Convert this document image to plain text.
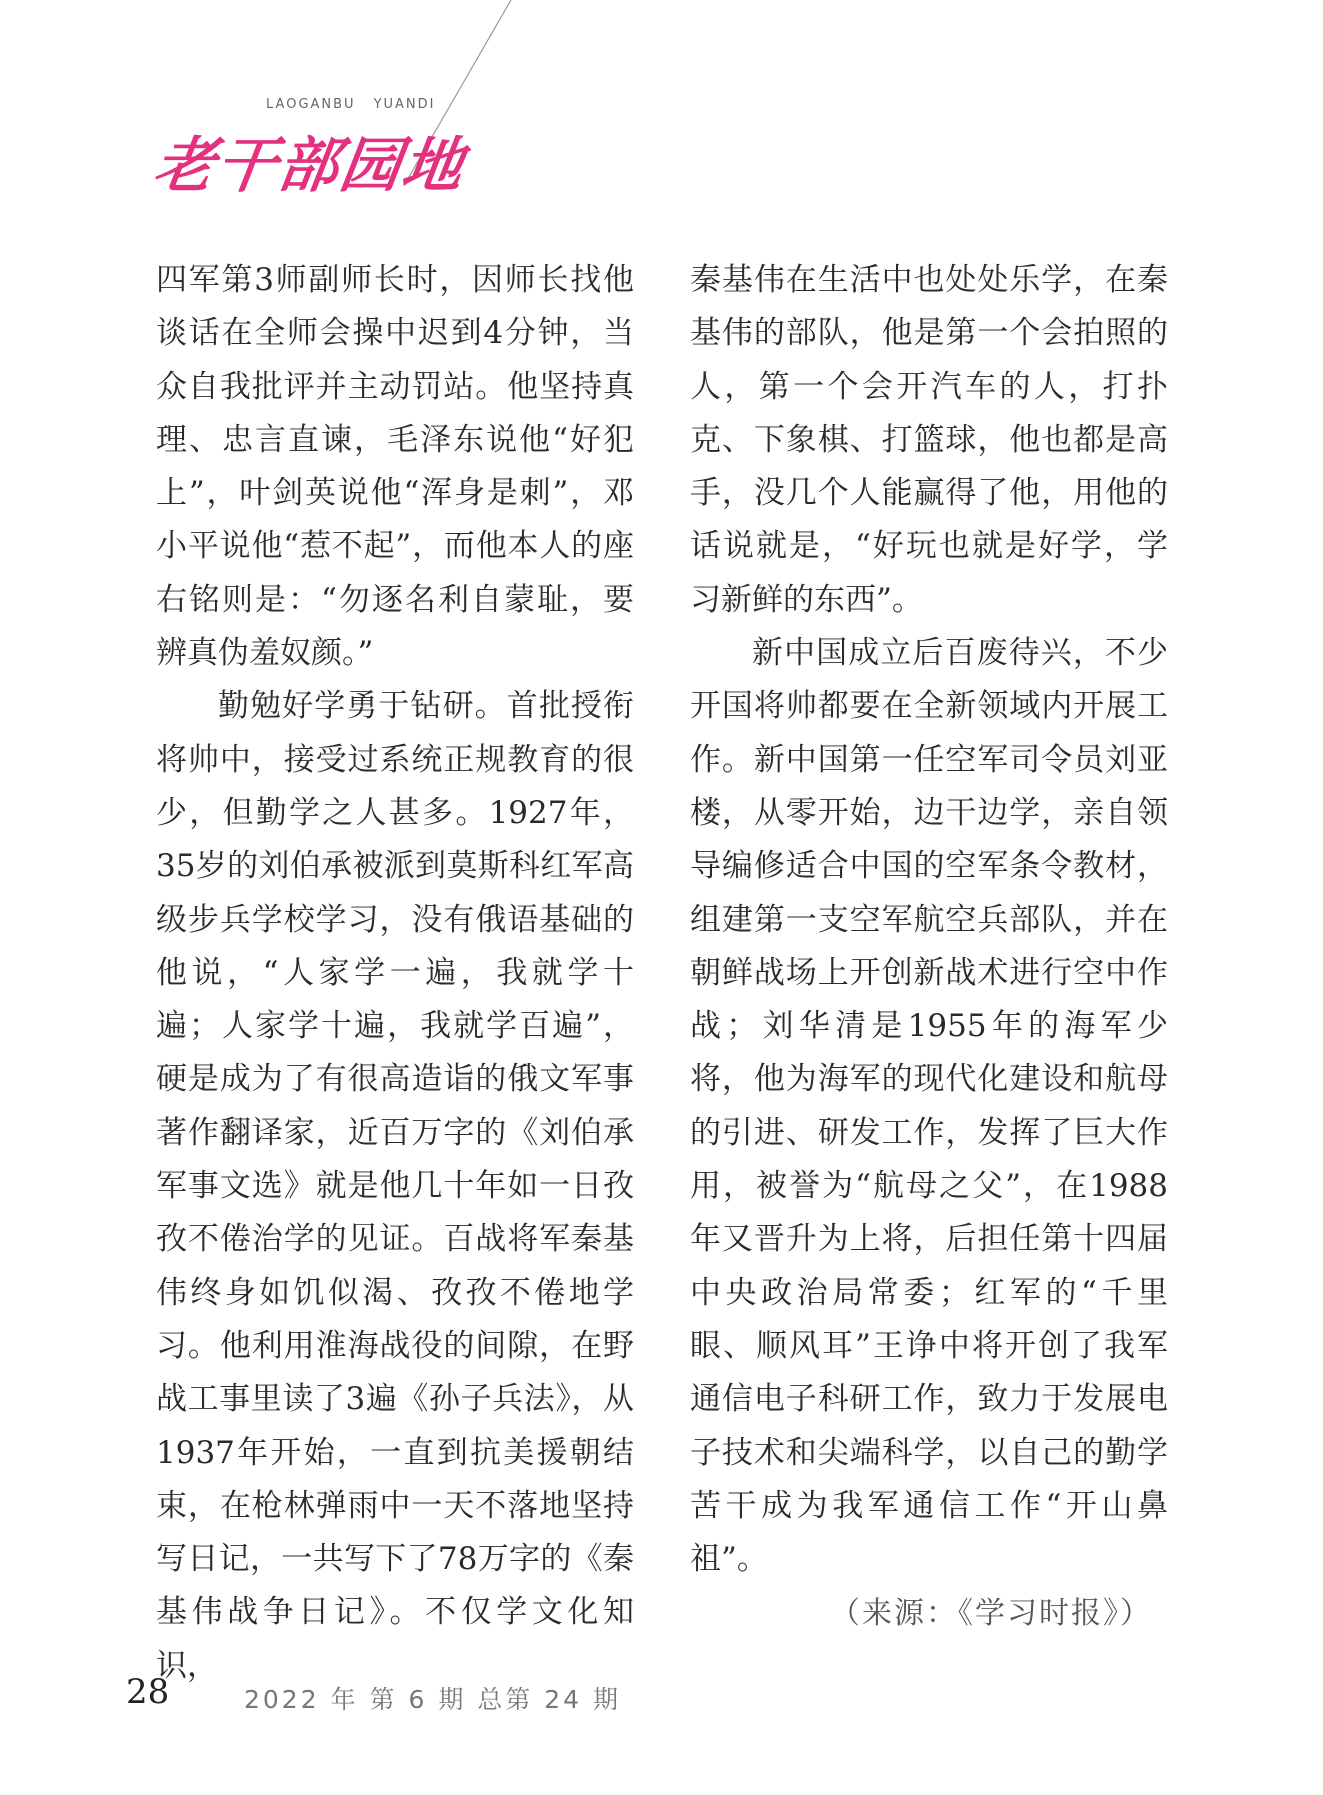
LAOGANBU YUANDI
老干部园地

四军第3师副师长时，因师长找他谈话在全师会操中迟到4分钟，当众自我批评并主动罚站。他坚持真理、忠言直谏，毛泽东说他“好犯上”，叶剑英说他“浑身是刺”，邓小平说他“惹不起”，而他本人的座右铭则是：“勿逐名利自蒙耻，要辨真伪羞奴颜。”

勤勉好学勇于钻研。首批授衔将帅中，接受过系统正规教育的很少，但勤学之人甚多。1927年，35岁的刘伯承被派到莫斯科红军高级步兵学校学习，没有俄语基础的他说，“人家学一遍，我就学十遍；人家学十遍，我就学百遍”，硬是成为了有很高造诣的俄文军事著作翻译家，近百万字的《刘伯承军事文选》就是他几十年如一日孜孜不倦治学的见证。百战将军秦基伟终身如饥似渴、孜孜不倦地学习。他利用淮海战役的间隙，在野战工事里读了3遍《孙子兵法》，从1937年开始，一直到抗美援朝结束，在枪林弹雨中一天不落地坚持写日记，一共写下了78万字的《秦基伟战争日记》。不仅学文化知识，

秦基伟在生活中也处处乐学，在秦基伟的部队，他是第一个会拍照的人，第一个会开汽车的人，打扑克、下象棋、打篮球，他也都是高手，没几个人能赢得了他，用他的话说就是，“好玩也就是好学，学习新鲜的东西”。

新中国成立后百废待兴，不少开国将帅都要在全新领域内开展工作。新中国第一任空军司令员刘亚楼，从零开始，边干边学，亲自领导编修适合中国的空军条令教材，组建第一支空军航空兵部队，并在朝鲜战场上开创新战术进行空中作战；刘华清是1955年的海军少将，他为海军的现代化建设和航母的引进、研发工作，发挥了巨大作用，被誉为“航母之父”，在1988年又晋升为上将，后担任第十四届中央政治局常委；红军的“千里眼、顺风耳”王诤中将开创了我军通信电子科研工作，致力于发展电子技术和尖端科学，以自己的勤学苦干成为我军通信工作“开山鼻祖”。

（来源：《学习时报》）
28	2022 年 第 6 期 总第 24 期
